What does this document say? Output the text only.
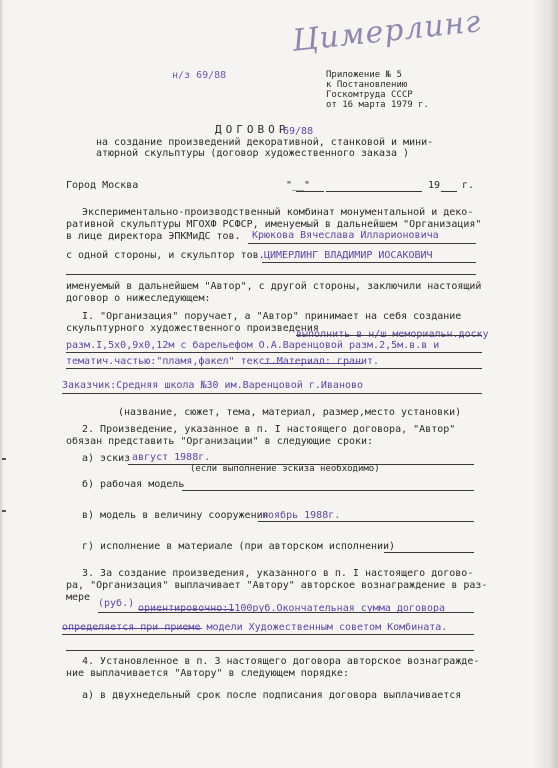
Цимерлинг
н/з 69/88	Приложение № 5
к Постановлению
Госкомтруда СССР
от 16 марта 1979 г.
ДОГОВОР
69/88
на создание произведений декоративной, станковой и мини-
атюрной скульптуры (договор художественного заказа )
Город Москва	"__"	19 г.
Экспериментально-производственный комбинат монументальной и деко-
ративной скульптуры МГОХФ РСФСР, именуемый в дальнейшем "Организация"
в лице директора ЭПКМиДС тов. Крюкова Вячеслава Илларионовича
с одной стороны, и скульптор тов. ЦИМЕРЛИНГ ВЛАДИМИР ИОСАКОВИЧ
именуемый в дальнейшем "Автор", с другой стороны, заключили настоящий
договор о нижеследующем:
I. "Организация" поручает, а "Автор" принимает на себя создание
скульптурного художественного произведения
выполнить в н/ш мемориальн.доску
разм.I,5х0,9х0,12м с барельефом О.А.Варенцовой разм.2,5м.в.в и
тематич.частью:"пламя,факел" текст.Материал: гранит.
Заказчик:Средняя школа №30 им.Варенцовой г.Иваново
(название, сюжет, тема, материал, размер,место установки)
2. Произведение, указанное в п. I настоящего договора, "Автор"
обязан представить "Организации" в следующие сроки:
а) эскиз август 1988г.
(если выполнение эскиза необходимо)
б) рабочая модель
в) модель в величину сооружения
ноябрь 1988г.
г) исполнение в материале (при авторском исполнении)
3. За создание произведения, указанного в п. I настоящего догово-
ра, "Организация" выплачивает "Автору" авторское вознаграждение в раз-
мере
(руб.) ориентировочно:1100руб.Окончательная сумма договора
определяется при приеме модели Художественным советом Комбината.
4. Установленное в п. 3 настоящего договора авторское вознагражде-
ние выплачивается "Автору" в следующем порядке:
а) в двухнедельный срок после подписания договора выплачивается
